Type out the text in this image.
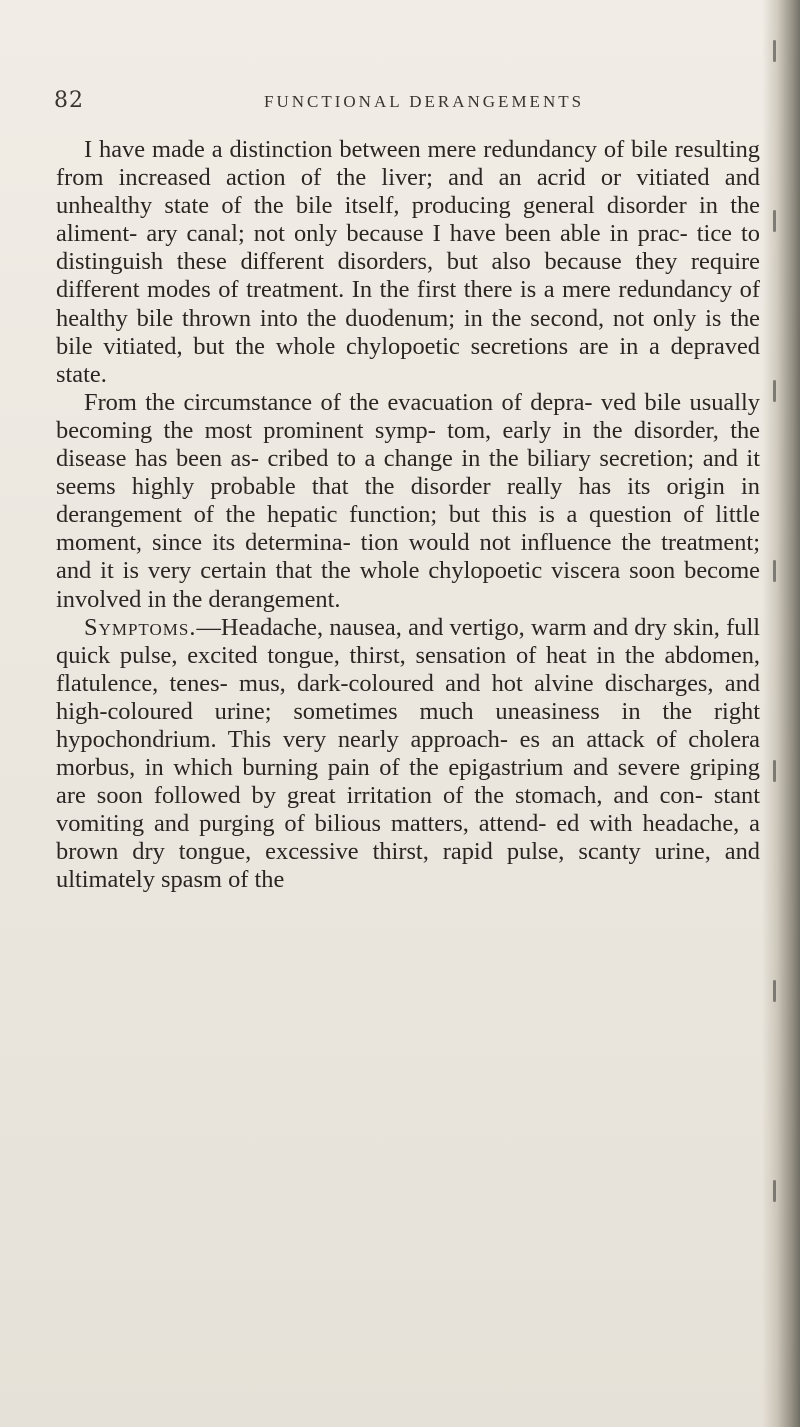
82	FUNCTIONAL DERANGEMENTS

I have made a distinction between mere redundancy of bile resulting from increased action of the liver; and an acrid or vitiated and unhealthy state of the bile itself, producing general disorder in the aliment- ary canal; not only because I have been able in prac- tice to distinguish these different disorders, but also because they require different modes of treatment. In the first there is a mere redundancy of healthy bile thrown into the duodenum; in the second, not only is the bile vitiated, but the whole chylopoetic secretions are in a depraved state.

From the circumstance of the evacuation of depra- ved bile usually becoming the most prominent symp- tom, early in the disorder, the disease has been as- cribed to a change in the biliary secretion; and it seems highly probable that the disorder really has its origin in derangement of the hepatic function; but this is a question of little moment, since its determina- tion would not influence the treatment; and it is very certain that the whole chylopoetic viscera soon become involved in the derangement.

Symptoms.—Headache, nausea, and vertigo, warm and dry skin, full quick pulse, excited tongue, thirst, sensation of heat in the abdomen, flatulence, tenes- mus, dark-coloured and hot alvine discharges, and high-coloured urine; sometimes much uneasiness in the right hypochondrium. This very nearly approach- es an attack of cholera morbus, in which burning pain of the epigastrium and severe griping are soon followed by great irritation of the stomach, and con- stant vomiting and purging of bilious matters, attend- ed with headache, a brown dry tongue, excessive thirst, rapid pulse, scanty urine, and ultimately spasm of the
